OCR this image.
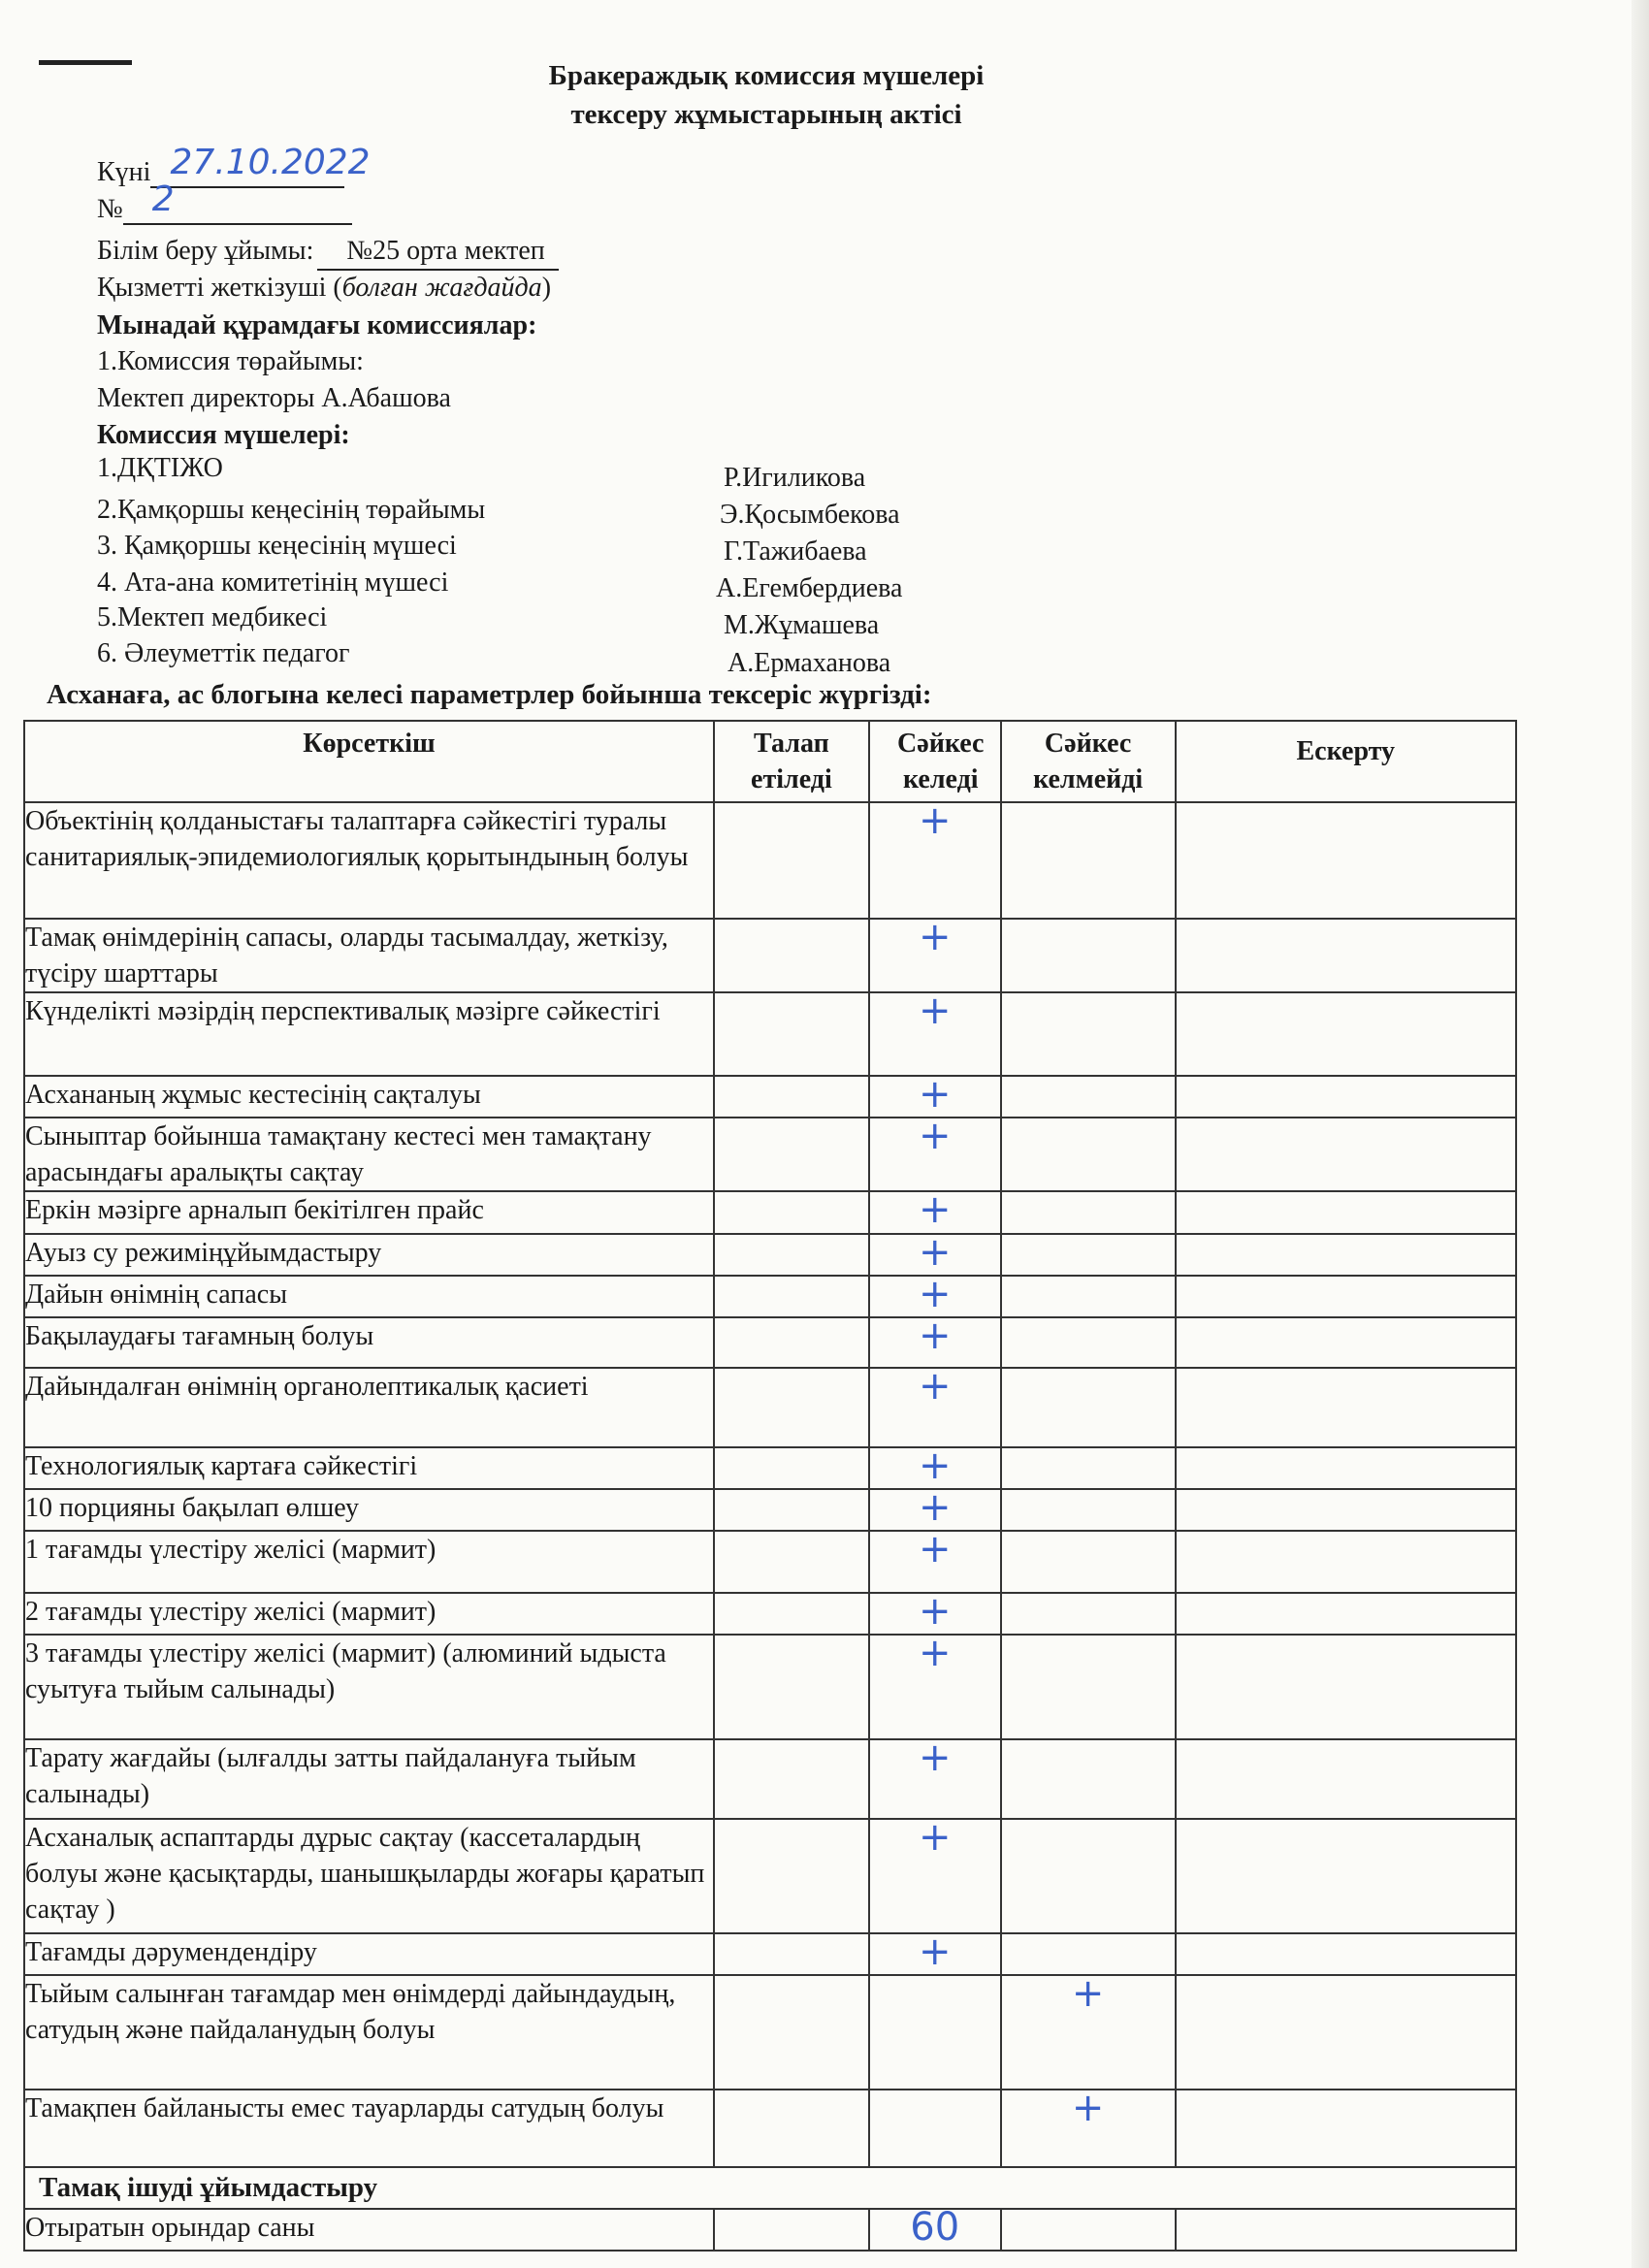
Бракераждық комиссия мүшелері
тексеру жұмыстарының актісі
Күні 27.10.2022
№ 2
Білім беру ұйымы: №25 орта мектеп
Қызметті жеткізуші (болған жағдайда)
Мынадай құрамдағы комиссиялар:
1.Комиссия төрайымы:
Мектеп директоры А.Абашова
Комиссия мүшелері:
1.ДҚТІЖО	Р.Игиликова
2.Қамқоршы кеңесінің төрайымы	Э.Қосымбекова
3. Қамқоршы кеңесінің мүшесі	Г.Тажибаева
4. Ата-ана комитетінің мүшесі	А.Егембердиева
5.Мектеп медбикесі	М.Жұмашева
6. Әлеуметтік педагог	А.Ермаханова
Асханаға, ас блогына келесі параметрлер бойынша тексеріс жүргізді:
Көрсеткіш	Талап етіледі	Сәйкес келеді	Сәйкес келмейді	Ескерту
Объектінің қолданыстағы талаптарға сәйкестігі туралы санитариялық-эпидемиологиялық қорытындының болуы		+		
Тамақ өнімдерінің сапасы, оларды тасымалдау, жеткізу, түсіру шарттары		+		
Күнделікті мәзірдің перспективалық мәзірге сәйкестігі		+		
Асхананың жұмыс кестесінің сақталуы		+		
Сыныптар бойынша тамақтану кестесі мен тамақтану арасындағы аралықты сақтау		+		
Еркін мәзірге арналып бекітілген прайс		+		
Ауыз су режиміңұйымдастыру		+		
Дайын өнімнің сапасы		+		
Бақылаудағы тағамның болуы		+		
Дайындалған өнімнің органолептикалық қасиеті		+		
Технологиялық картаға сәйкестігі		+		
10 порцияны бақылап өлшеу		+		
1 тағамды үлестіру желісі (мармит)		+		
2 тағамды үлестіру желісі (мармит)		+		
3 тағамды үлестіру желісі (мармит) (алюминий ыдыста суытуға тыйым салынады)		+		
Тарату жағдайы (ылғалды затты пайдалануға тыйым салынады)		+		
Асханалық аспаптарды дұрыс сақтау (кассеталардың болуы және қасықтарды, шанышқыларды жоғары қаратып сақтау )		+		
Тағамды дәрумендендіру		+		
Тыйым салынған тағамдар мен өнімдерді дайындаудың, сатудың және пайдаланудың болуы			+	
Тамақпен байланысты емес тауарларды сатудың болуы			+	
Тамақ ішуді ұйымдастыру				
Отыратын орындар саны		60		
